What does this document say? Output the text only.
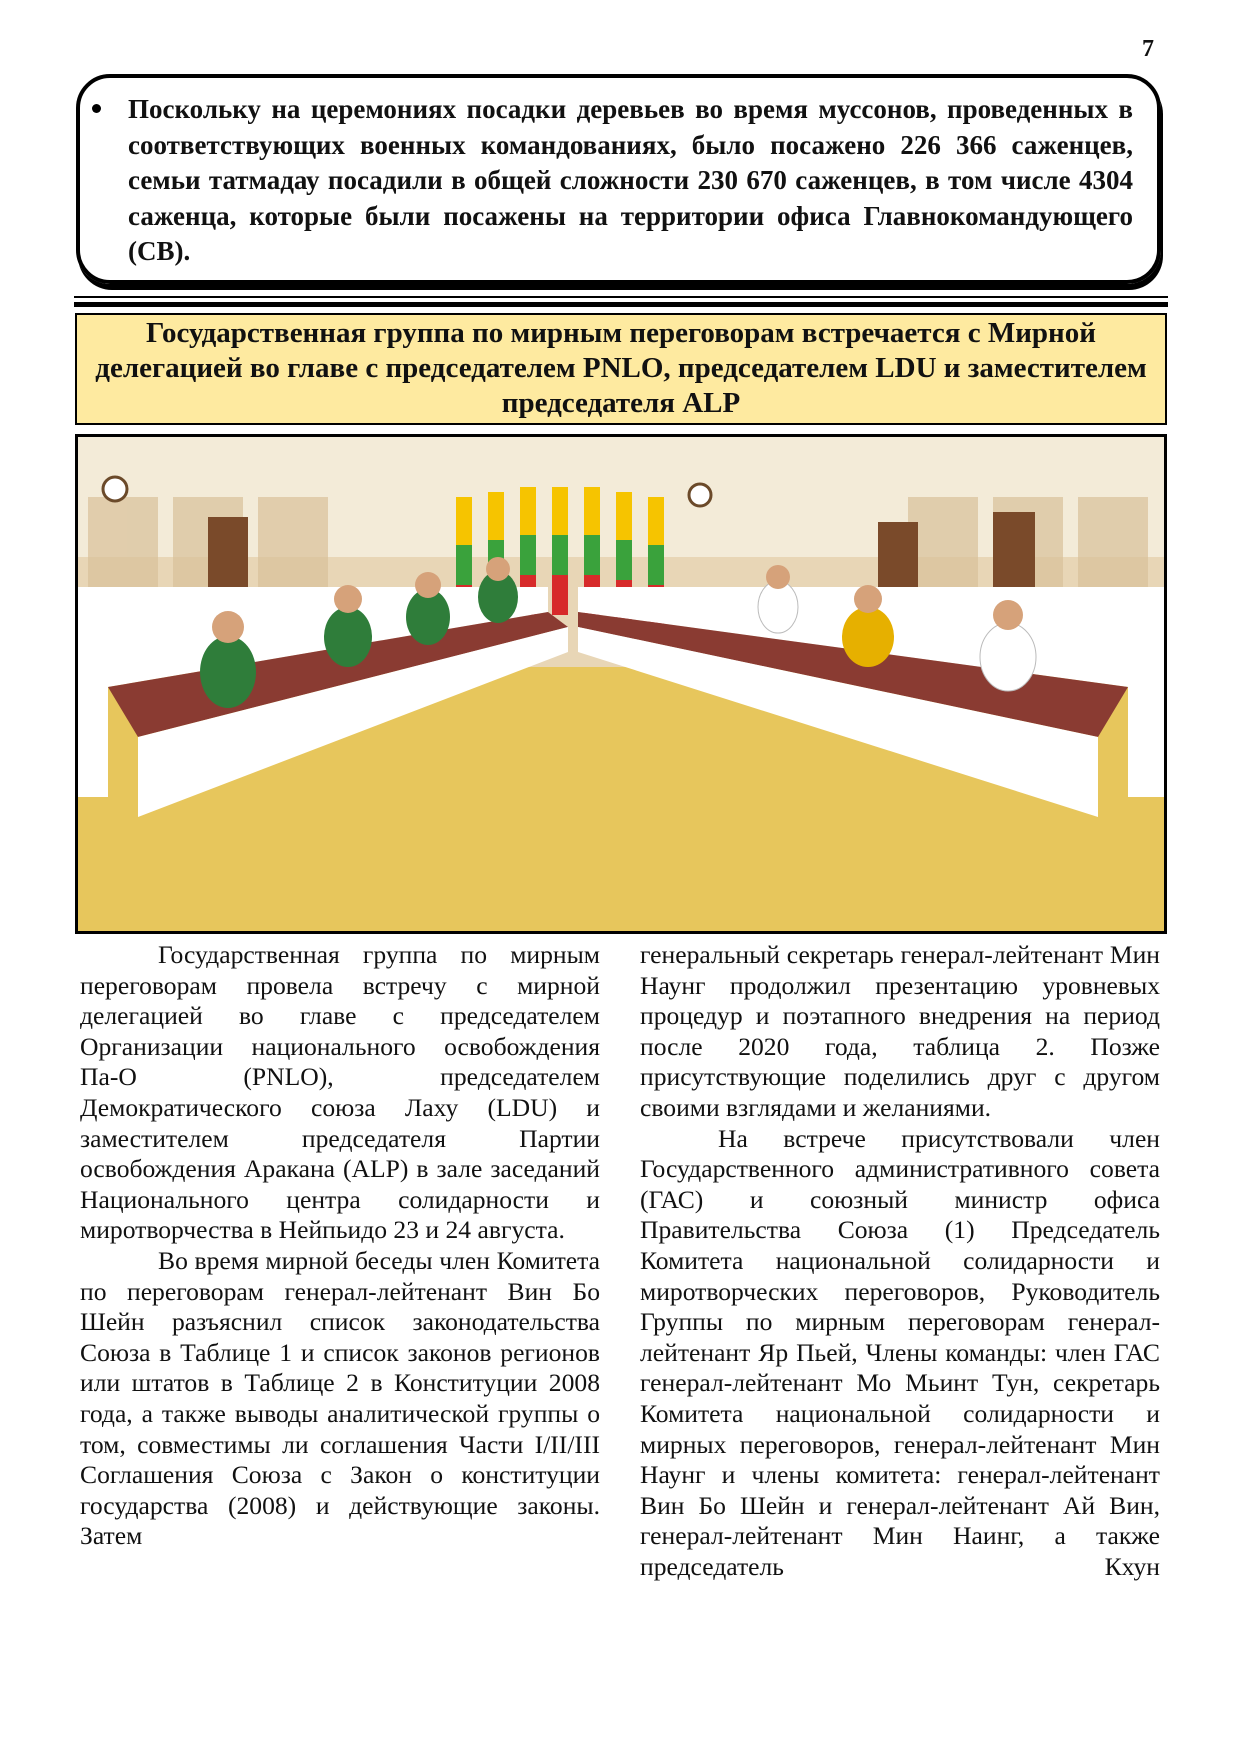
7
Поскольку на церемониях посадки деревьев во время муссонов, проведенных в соответствующих военных командованиях, было посажено 226 366 саженцев, семьи татмадау посадили в общей сложности 230 670 саженцев, в том числе 4304 саженца, которые были посажены на территории офиса Главнокомандующего (СВ).
Государственная группа по мирным переговорам встречается с Мирной делегацией во главе с председателем PNLO, председателем LDU и заместителем председателя ALP

Государственная группа по мирным переговорам провела встречу с мирной делегацией во главе с председателем Организации национального освобождения Па-О (PNLO), председателем Демократического союза Лаху (LDU) и заместителем председателя Партии освобождения Аракана (ALP) в зале заседаний Национального центра солидарности и миротворчества в Нейпьидо 23 и 24 августа.

Во время мирной беседы член Комитета по переговорам генерал-лейтенант Вин Бо Шейн разъяснил список законодательства Союза в Таблице 1 и список законов регионов или штатов в Таблице 2 в Конституции 2008 года, а также выводы аналитической группы о том, совместимы ли соглашения Части I/II/III Соглашения Союза с Закон о конституции государства (2008) и действующие законы. Затем

генеральный секретарь генерал-лейтенант Мин Наунг продолжил презентацию уровневых процедур и поэтапного внедрения на период после 2020 года, таблица 2. Позже присутствующие поделились друг с другом своими взглядами и желаниями.

На встрече присутствовали член Государственного административного совета (ГАС) и союзный министр офиса Правительства Союза (1) Председатель Комитета национальной солидарности и миротворческих переговоров, Руководитель Группы по мирным переговорам генерал-лейтенант Яр Пьей, Члены команды: член ГАС генерал-лейтенант Мо Мьинт Тун, секретарь Комитета национальной солидарности и мирных переговоров, генерал-лейтенант Мин Наунг и члены комитета: генерал-лейтенант Вин Бо Шейн и генерал-лейтенант Ай Вин, генерал-лейтенант Мин Наинг, а также председатель Кхун
